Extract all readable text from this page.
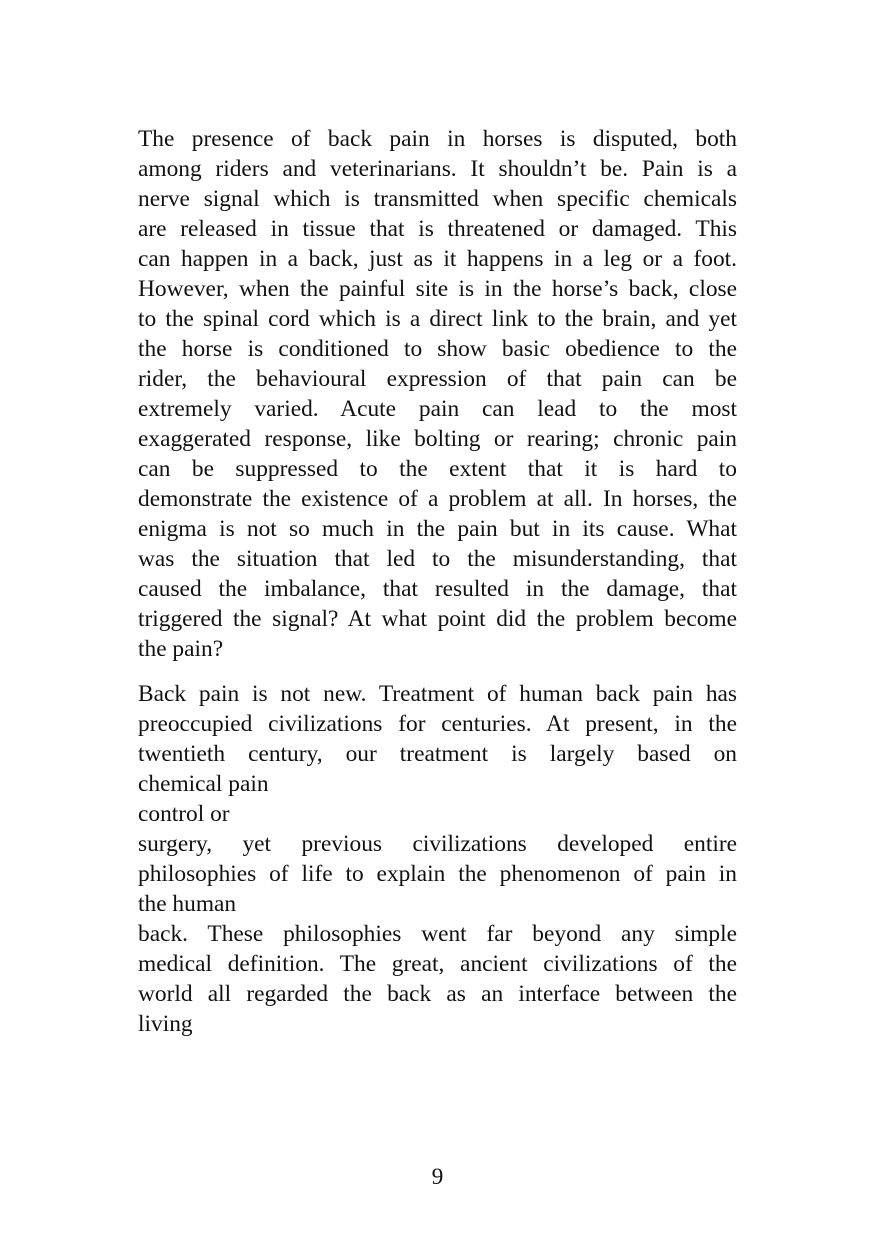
The presence of back pain in horses is disputed, both
among riders and veterinarians. It shouldn’t be. Pain is a
nerve signal which is transmitted when specific chemicals
are released in tissue that is threatened or damaged. This
can happen in a back, just as it happens in a leg or a foot.
However, when the painful site is in the horse’s back, close
to the spinal cord which is a direct link to the brain, and yet
the horse is conditioned to show basic obedience to the
rider, the behavioural expression of that pain can be
extremely varied. Acute pain can lead to the most
exaggerated response, like bolting or rearing; chronic pain
can be suppressed to the extent that it is hard to
demonstrate the existence of a problem at all. In horses, the
enigma is not so much in the pain but in its cause. What
was the situation that led to the misunderstanding, that
caused the imbalance, that resulted in the damage, that
triggered the signal? At what point did the problem become
the pain?
Back pain is not new. Treatment of human back pain has
preoccupied civilizations for centuries. At present, in the
twentieth century, our treatment is largely based on
chemical pain
control or
surgery, yet previous civilizations developed entire
philosophies of life to explain the phenomenon of pain in
the human
back. These philosophies went far beyond any simple
medical definition. The great, ancient civilizations of the
world all regarded the back as an interface between the
living
9
